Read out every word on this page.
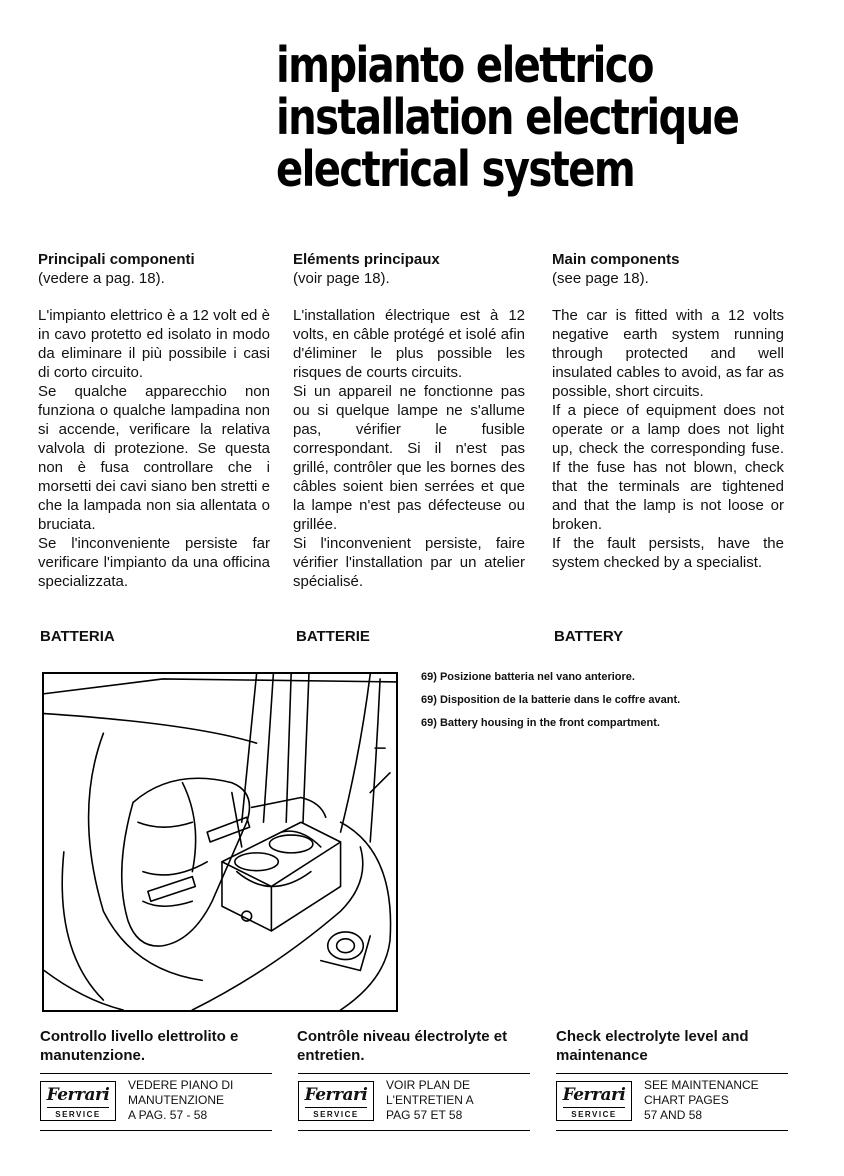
impianto elettrico
installation electrique
electrical system
Principali componenti
(vedere a pag. 18).

L'impianto elettrico è a 12 volt ed è in cavo protetto ed isolato in modo da eliminare il più possibile i casi di corto circuito.

Se qualche apparecchio non funziona o qualche lampadina non si accende, verificare la relativa valvola di protezione. Se questa non è fusa controllare che i morsetti dei cavi siano ben stretti e che la lampada non sia allentata o bruciata.

Se l'inconveniente persiste far verificare l'impianto da una officina specializzata.

Eléments principaux
(voir page 18).

L'installation électrique est à 12 volts, en câble protégé et isolé afin d'éliminer le plus possible les risques de courts circuits.

Si un appareil ne fonctionne pas ou si quelque lampe ne s'allume pas, vérifier le fusible correspondant. Si il n'est pas grillé, contrôler que les bornes des câbles soient bien serrées et que la lampe n'est pas défecteuse ou grillée.

Si l'inconvenient persiste, faire vérifier l'installation par un atelier spécialisé.

Main components
(see page 18).

The car is fitted with a 12 volts negative earth system running through protected and well insulated cables to avoid, as far as possible, short circuits.

If a piece of equipment does not operate or a lamp does not light up, check the corresponding fuse. If the fuse has not blown, check that the terminals are tightened and that the lamp is not loose or broken.

If the fault persists, have the system checked by a specialist.

BATTERIA	BATTERIE	BATTERY
69) Posizione batteria nel vano anteriore.
69) Disposition de la batterie dans le coffre avant.
69) Battery housing in the front compartment.
Controllo livello elettrolito e manutenzione.
Contrôle niveau électrolyte et entretien.
Check electrolyte level and maintenance
Ferrari
SERVICE
VEDERE PIANO DI
MANUTENZIONE
A PAG. 57 - 58
Ferrari
SERVICE
VOIR PLAN DE
L'ENTRETIEN A
PAG 57 ET 58
Ferrari
SERVICE
SEE MAINTENANCE
CHART PAGES
57 AND 58
